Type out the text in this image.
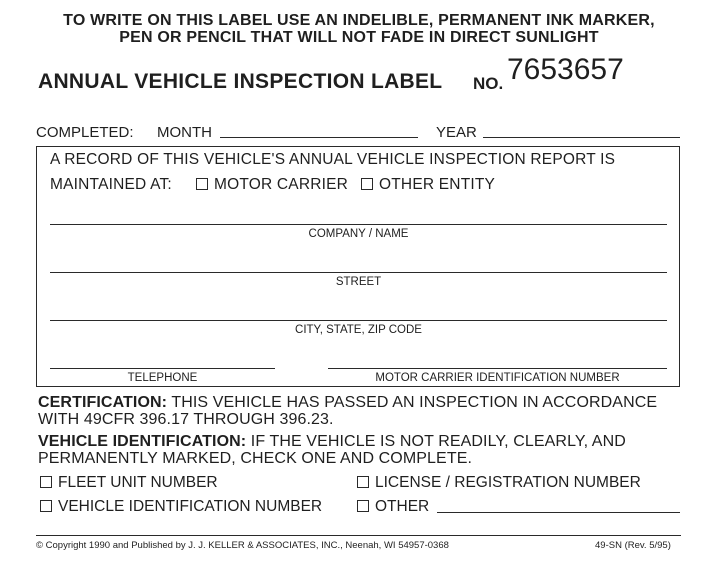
TO WRITE ON THIS LABEL USE AN INDELIBLE, PERMANENT INK MARKER,
PEN OR PENCIL THAT WILL NOT FADE IN DIRECT SUNLIGHT
ANNUAL VEHICLE INSPECTION LABEL NO. 7653657
COMPLETED: MONTH	YEAR
A RECORD OF THIS VEHICLE'S ANNUAL VEHICLE INSPECTION REPORT IS
MAINTAINED AT:	MOTOR CARRIER	OTHER ENTITY
COMPANY / NAME
STREET
CITY, STATE, ZIP CODE
TELEPHONE	MOTOR CARRIER IDENTIFICATION NUMBER
CERTIFICATION: THIS VEHICLE HAS PASSED AN INSPECTION IN ACCORDANCE
WITH 49CFR 396.17 THROUGH 396.23.
VEHICLE IDENTIFICATION: IF THE VEHICLE IS NOT READILY, CLEARLY, AND
PERMANENTLY MARKED, CHECK ONE AND COMPLETE.
FLEET UNIT NUMBER	LICENSE / REGISTRATION NUMBER
VEHICLE IDENTIFICATION NUMBER	OTHER
© Copyright 1990 and Published by J. J. KELLER & ASSOCIATES, INC., Neenah, WI 54957-0368	49-SN (Rev. 5/95)
